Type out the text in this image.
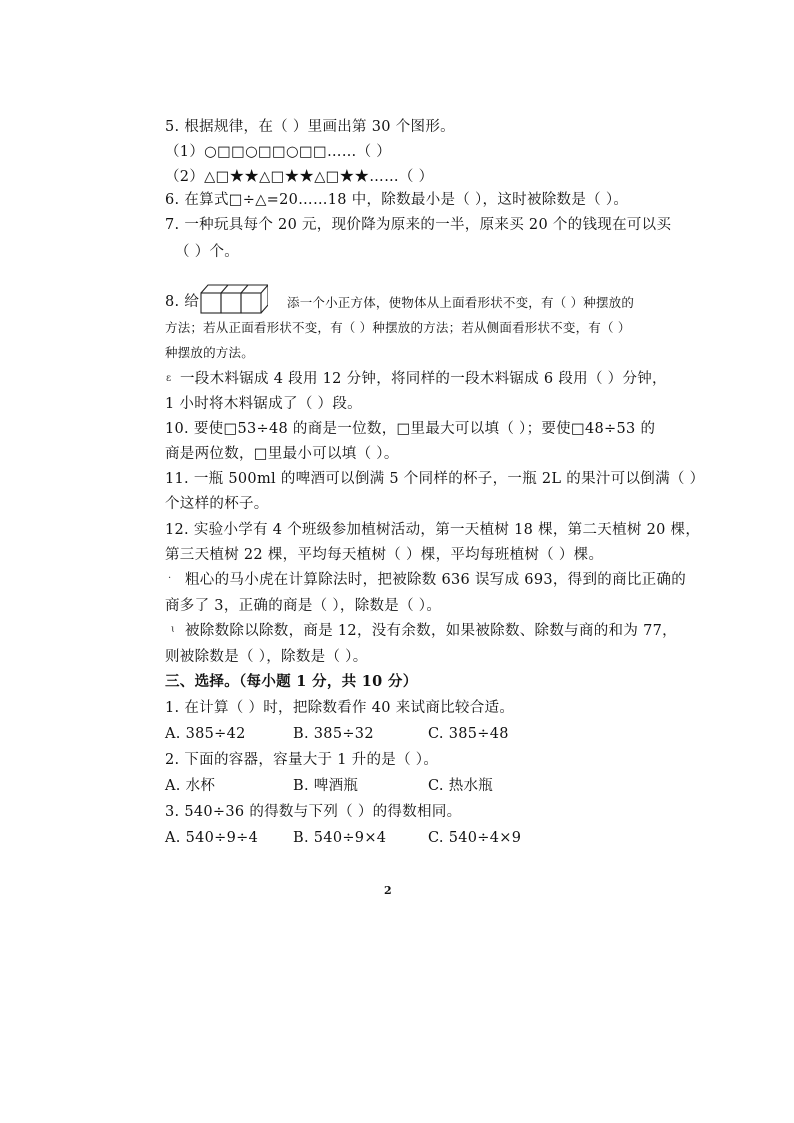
5. 根据规律，在（ ）里画出第 30 个图形。
（1）○□□○□□○□□……（ ）
（2）△□★★△□★★△□★★……（ ）
6. 在算式□÷△=20……18 中，除数最小是（ ），这时被除数是（ ）。
7. 一种玩具每个 20 元，现价降为原来的一半，原来买 20 个的钱现在可以买
（ ）个。
8. 给	添一个小正方体，使物体从上面看形状不变，有（ ）种摆放的
方法；若从正面看形状不变，有（ ）种摆放的方法；若从侧面看形状不变，有（ ）
种摆放的方法。
ɛ 一段木料锯成 4 段用 12 分钟，将同样的一段木料锯成 6 段用（ ）分钟，
1 小时将木料锯成了（ ）段。
10. 要使□53÷48 的商是一位数，□里最大可以填（ ）；要使□48÷53 的
商是两位数，□里最小可以填（ ）。
11. 一瓶 500ml 的啤酒可以倒满 5 个同样的杯子，一瓶 2L 的果汁可以倒满（ ）
个这样的杯子。
12. 实验小学有 4 个班级参加植树活动，第一天植树 18 棵，第二天植树 20 棵，
第三天植树 22 棵，平均每天植树（ ）棵，平均每班植树（ ）棵。
· 粗心的马小虎在计算除法时，把被除数 636 误写成 693，得到的商比正确的
商多了 3，正确的商是（ ），除数是（ ）。
ɩ 被除数除以除数，商是 12，没有余数，如果被除数、除数与商的和为 77，
则被除数是（ ），除数是（ ）。
三、选择。（每小题 1 分，共 10 分）
1. 在计算（ ）时，把除数看作 40 来试商比较合适。
A. 385÷42	B. 385÷32	C. 385÷48
2. 下面的容器，容量大于 1 升的是（ ）。
A. 水杯	B. 啤酒瓶	C. 热水瓶
3. 540÷36 的得数与下列（ ）的得数相同。
A. 540÷9÷4 B. 540÷9×4	C. 540÷4×9
2
